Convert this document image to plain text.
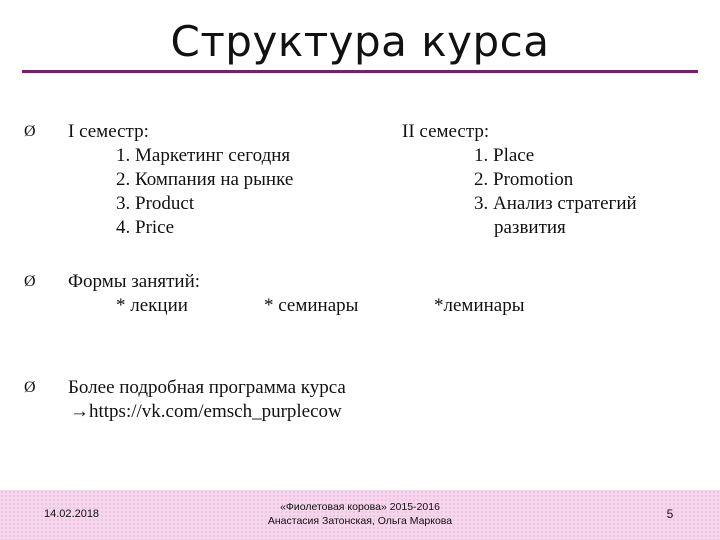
Структура курса
Ø I семестр:
1. Маркетинг сегодня
2. Компания на рынке
3. Product
4. Price
II семестр:
1. Place
2. Promotion
3. Анализ стратегий
развития
Ø Формы занятий:
* лекции	* семинары	*леминары
Ø Более подробная программа курса
→https://vk.com/emsch_purplecow
14.02.2018
«Фиолетовая корова» 2015-2016
Анастасия Затонская, Ольга Маркова	5
